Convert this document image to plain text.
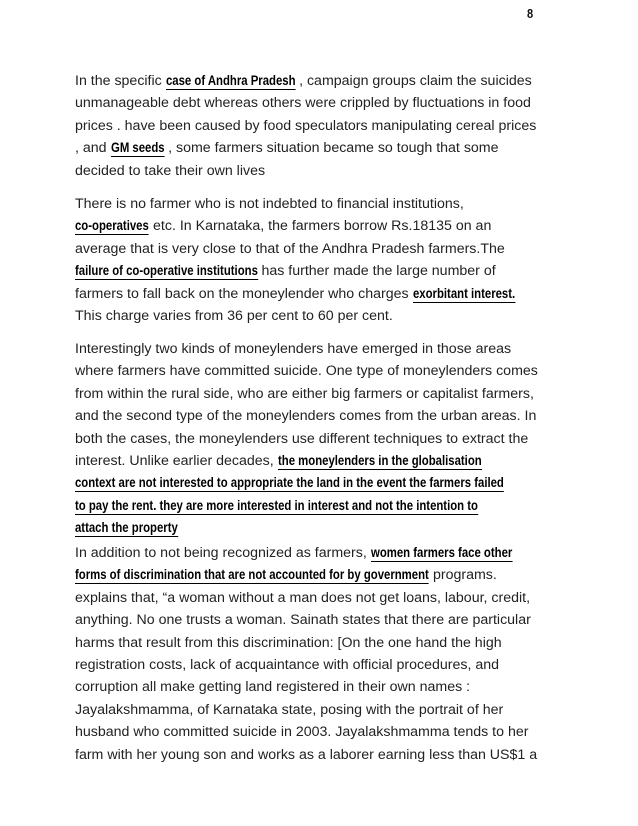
8
In the specific case of Andhra Pradesh , campaign groups claim the suicides
unmanageable debt whereas others were crippled by fluctuations in food
prices . have been caused by food speculators manipulating cereal prices
, and GM seeds , some farmers situation became so tough that some
decided to take their own lives
There is no farmer who is not indebted to financial institutions,
co-operatives etc. In Karnataka, the farmers borrow Rs.18135 on an
average that is very close to that of the Andhra Pradesh farmers.The
failure of co-operative institutions has further made the large number of
farmers to fall back on the moneylender who charges exorbitant interest.
This charge varies from 36 per cent to 60 per cent.
Interestingly two kinds of moneylenders have emerged in those areas
where farmers have committed suicide. One type of moneylenders comes
from within the rural side, who are either big farmers or capitalist farmers,
and the second type of the moneylenders comes from the urban areas. In
both the cases, the moneylenders use different techniques to extract the
interest. Unlike earlier decades, the moneylenders in the globalisation
context are not interested to appropriate the land in the event the farmers failed
to pay the rent. they are more interested in interest and not the intention to
attach the property
In addition to not being recognized as farmers, women farmers face other
forms of discrimination that are not accounted for by government programs.
explains that, “a woman without a man does not get loans, labour, credit,
anything. No one trusts a woman. Sainath states that there are particular
harms that result from this discrimination: [On the one hand the high
registration costs, lack of acquaintance with official procedures, and
corruption all make getting land registered in their own names :
Jayalakshmamma, of Karnataka state, posing with the portrait of her
husband who committed suicide in 2003. Jayalakshmamma tends to her
farm with her young son and works as a laborer earning less than US$1 a
